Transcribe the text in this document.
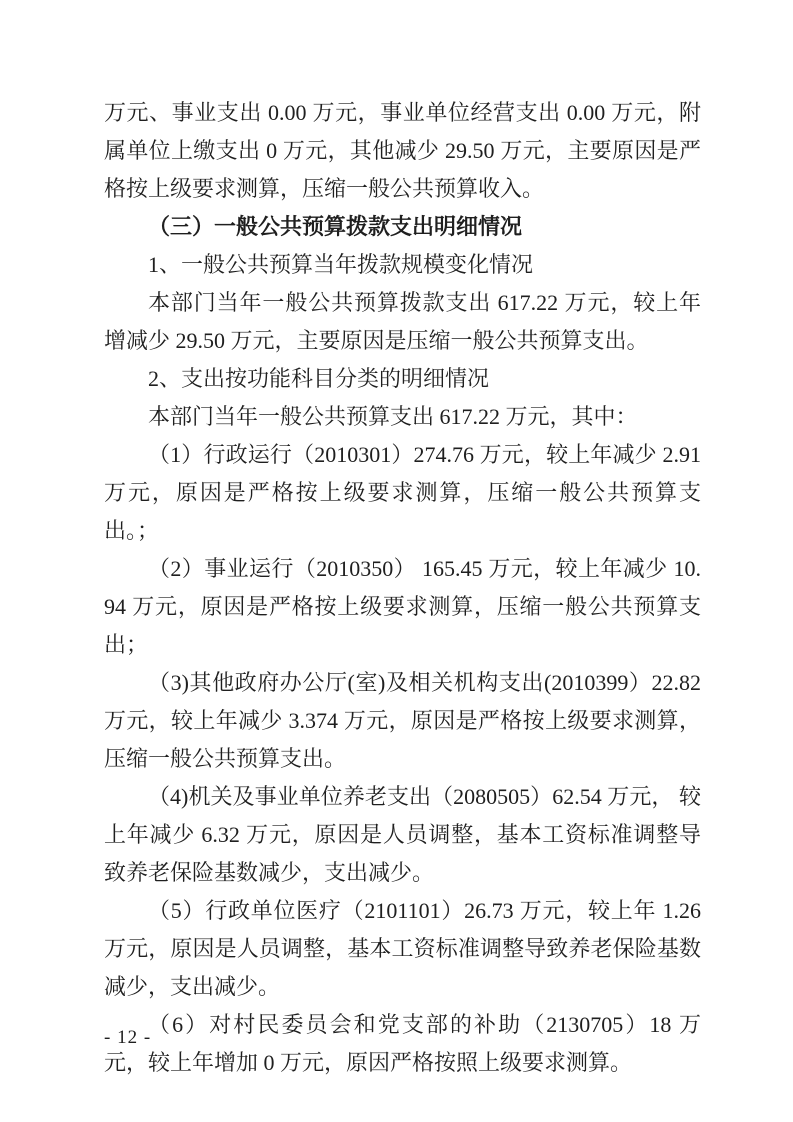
万元、事业支出 0.00 万元，事业单位经营支出 0.00 万元，附属单位上缴支出 0 万元，其他减少 29.50 万元，主要原因是严格按上级要求测算，压缩一般公共预算收入。

（三）一般公共预算拨款支出明细情况

1、一般公共预算当年拨款规模变化情况

本部门当年一般公共预算拨款支出 617.22 万元，较上年增减少 29.50 万元，主要原因是压缩一般公共预算支出。

2、支出按功能科目分类的明细情况

本部门当年一般公共预算支出 617.22 万元，其中：

（1）行政运行（2010301）274.76 万元，较上年减少 2.91 万元，原因是严格按上级要求测算，压缩一般公共预算支出。；

（2）事业运行（2010350） 165.45 万元，较上年减少 10.94 万元，原因是严格按上级要求测算，压缩一般公共预算支出；

（3)其他政府办公厅(室)及相关机构支出(2010399）22.82 万元，较上年减少 3.374 万元，原因是严格按上级要求测算，压缩一般公共预算支出。

（4)机关及事业单位养老支出（2080505）62.54 万元， 较上年减少 6.32 万元，原因是人员调整，基本工资标准调整导致养老保险基数减少，支出减少。

（5）行政单位医疗（2101101）26.73 万元，较上年 1.26 万元，原因是人员调整，基本工资标准调整导致养老保险基数减少，支出减少。

（6）对村民委员会和党支部的补助（2130705）18 万元，较上年增加 0 万元，原因严格按照上级要求测算。

- 12 -
